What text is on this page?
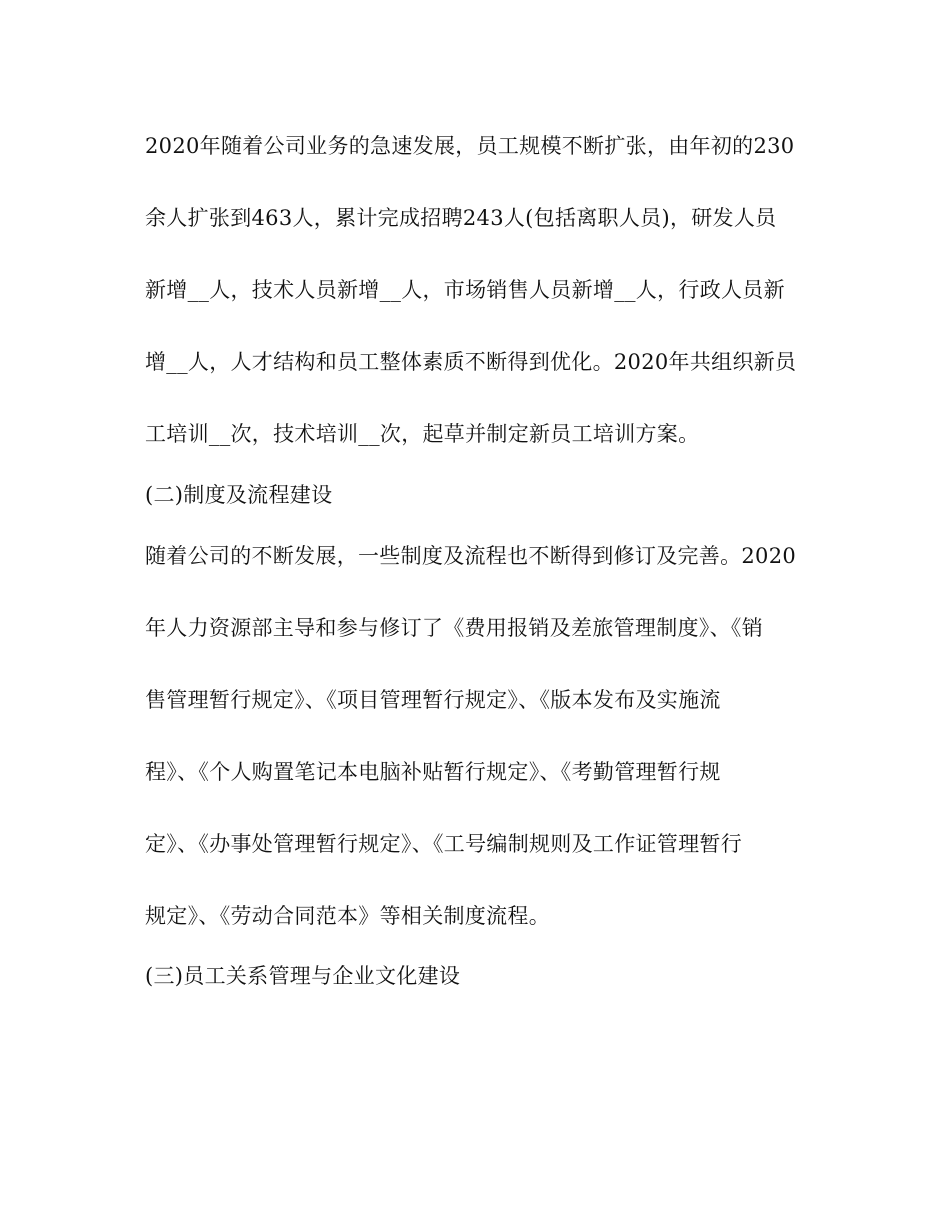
2020年随着公司业务的急速发展，员工规模不断扩张，由年初的230
余人扩张到463人，累计完成招聘243人(包括离职人员)，研发人员
新增__人，技术人员新增__人，市场销售人员新增__人，行政人员新
增__人，人才结构和员工整体素质不断得到优化。2020年共组织新员
工培训__次，技术培训__次，起草并制定新员工培训方案。
(二)制度及流程建设
随着公司的不断发展，一些制度及流程也不断得到修订及完善。2020
年人力资源部主导和参与修订了《费用报销及差旅管理制度》、《销
售管理暂行规定》、《项目管理暂行规定》、《版本发布及实施流
程》、《个人购置笔记本电脑补贴暂行规定》、《考勤管理暂行规
定》、《办事处管理暂行规定》、《工号编制规则及工作证管理暂行
规定》、《劳动合同范本》等相关制度流程。
(三)员工关系管理与企业文化建设
